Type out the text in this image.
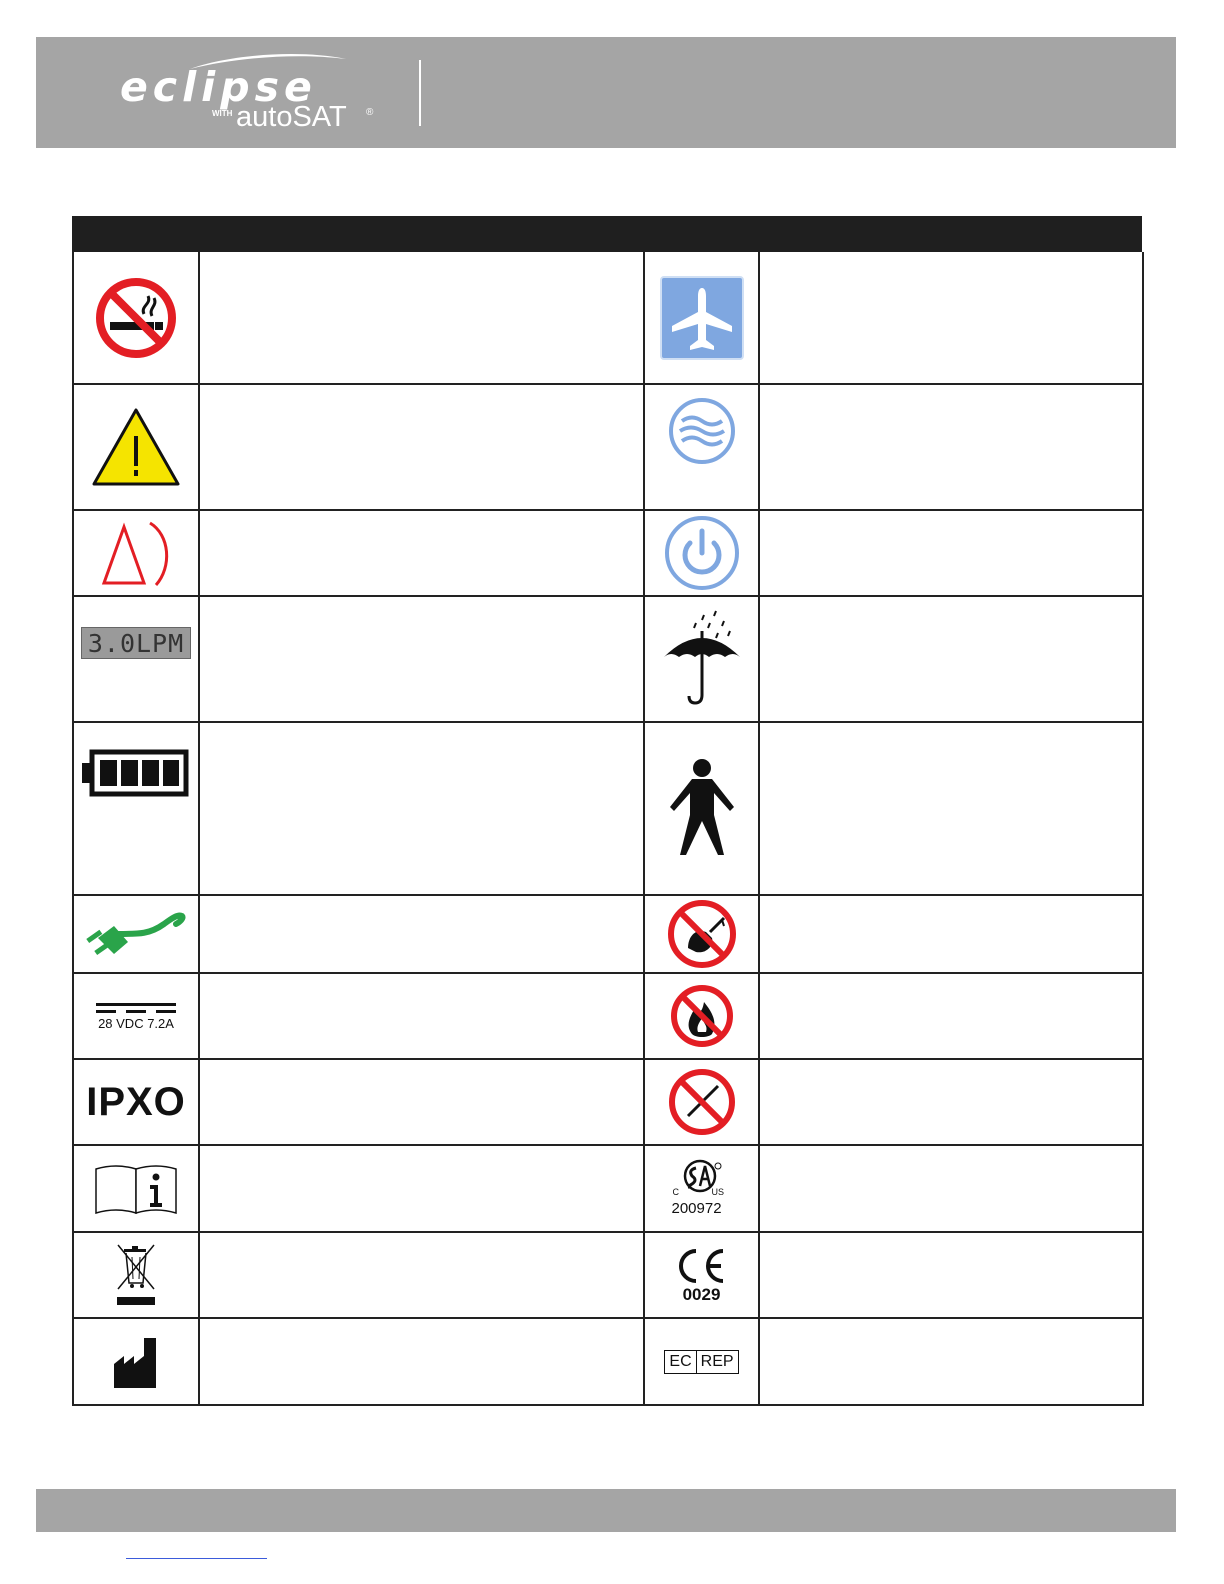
eclipse
WITH autoSAT ®
3.0LPM
28 VDC 7.2A
IPXO
C	US
200972
0029
EC REP
